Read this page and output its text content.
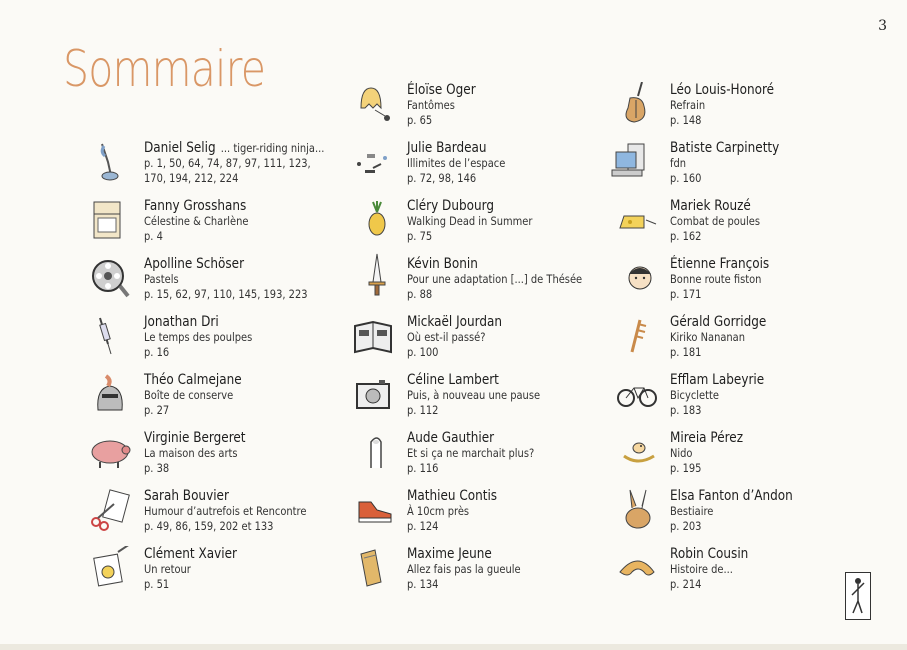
3
Sommaire
Daniel Selig ... tiger-riding ninja...
p. 1, 50, 64, 74, 87, 97, 111, 123, 170, 194, 212, 224
Fanny Grosshans
Célestine & Charlène
p. 4
Apolline Schöser
Pastels
p. 15, 62, 97, 110, 145, 193, 223
Jonathan Dri
Le temps des poulpes
p. 16
Théo Calmejane
Boîte de conserve
p. 27
Virginie Bergeret
La maison des arts
p. 38
Sarah Bouvier
Humour d’autrefois et Rencontre
p. 49, 86, 159, 202 et 133
Clément Xavier
Un retour
p. 51
Éloïse Oger
Fantômes
p. 65
Julie Bardeau
Illimites de l’espace
p. 72, 98, 146
Cléry Dubourg
Walking Dead in Summer
p. 75
Kévin Bonin
Pour une adaptation [...] de Thésée
p. 88
Mickaël Jourdan
Où est-il passé?
p. 100
Céline Lambert
Puis, à nouveau une pause
p. 112
Aude Gauthier
Et si ça ne marchait plus?
p. 116
Mathieu Contis
À 10cm près
p. 124
Maxime Jeune
Allez fais pas la gueule
p. 134
Léo Louis-Honoré
Refrain
p. 148
Batiste Carpinetty
fdn
p. 160
Mariek Rouzé
Combat de poules
p. 162
Étienne François
Bonne route fiston
p. 171
Gérald Gorridge
Kiriko Nananan
p. 181
Efflam Labeyrie
Bicyclette
p. 183
Mireia Pérez
Nido
p. 195
Elsa Fanton d’Andon
Bestiaire
p. 203
Robin Cousin
Histoire de...
p. 214
